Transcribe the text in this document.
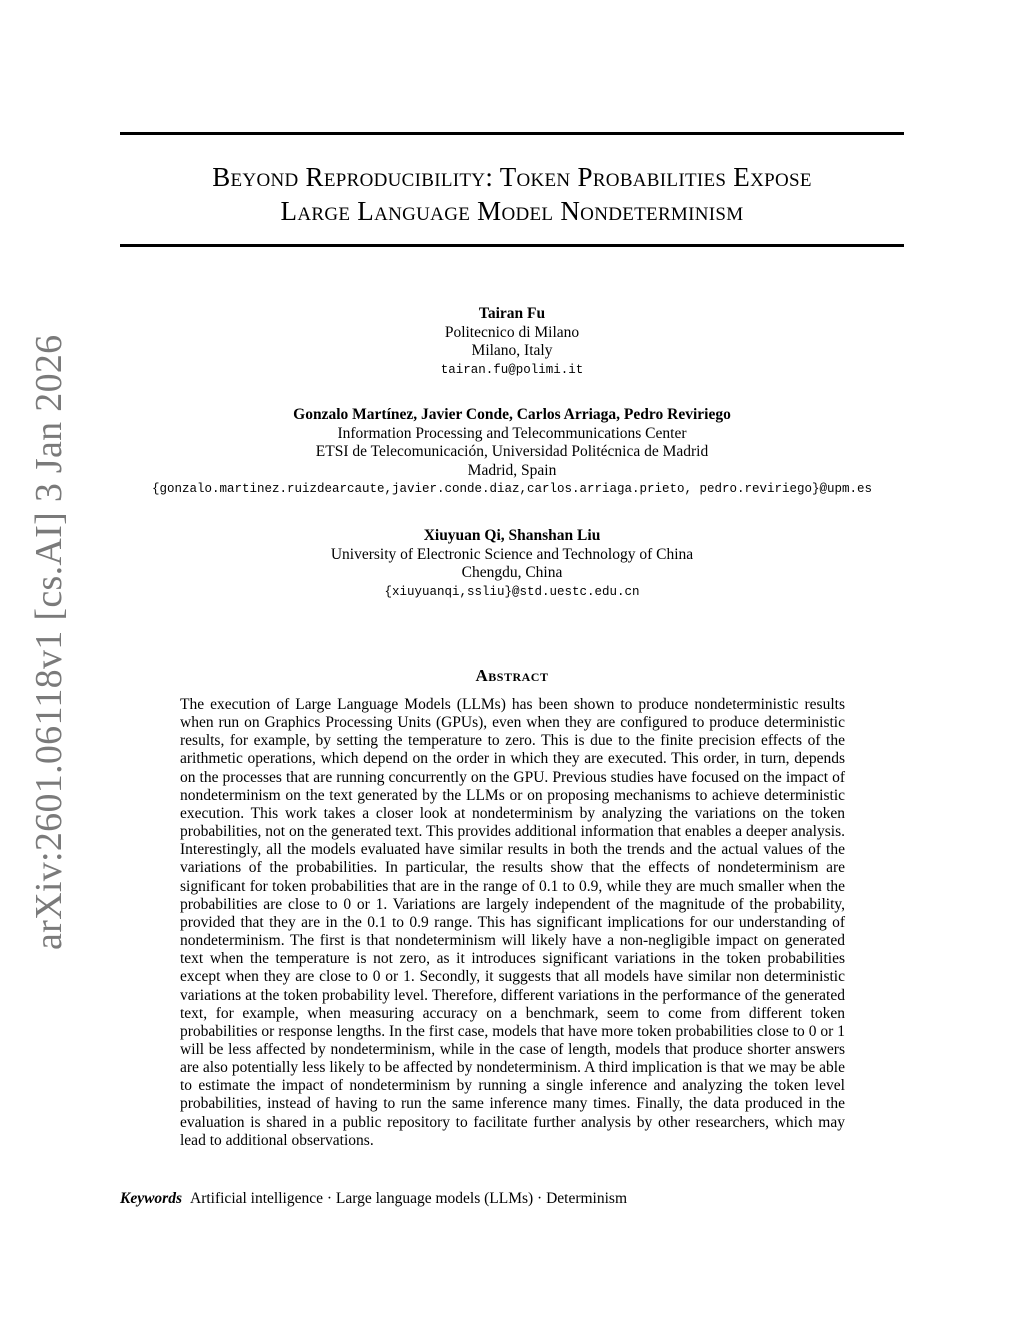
arXiv:2601.06118v1 [cs.AI] 3 Jan 2026
Beyond Reproducibility: Token Probabilities Expose
Large Language Model Nondeterminism
Tairan Fu
Politecnico di Milano
Milano, Italy
tairan.fu@polimi.it
Gonzalo Martínez, Javier Conde, Carlos Arriaga, Pedro Reviriego
Information Processing and Telecommunications Center
ETSI de Telecomunicación, Universidad Politécnica de Madrid
Madrid, Spain
{gonzalo.martinez.ruizdearcaute,javier.conde.diaz,carlos.arriaga.prieto, pedro.reviriego}@upm.es
Xiuyuan Qi, Shanshan Liu
University of Electronic Science and Technology of China
Chengdu, China
{xiuyuanqi,ssliu}@std.uestc.edu.cn
Abstract
The execution of Large Language Models (LLMs) has been shown to produce nondeterministic results when run on Graphics Processing Units (GPUs), even when they are configured to produce deterministic results, for example, by setting the temperature to zero. This is due to the finite precision effects of the arithmetic operations, which depend on the order in which they are executed. This order, in turn, depends on the processes that are running concurrently on the GPU. Previous studies have focused on the impact of nondeterminism on the text generated by the LLMs or on proposing mechanisms to achieve deterministic execution. This work takes a closer look at nondeterminism by analyzing the variations on the token probabilities, not on the generated text. This provides additional information that enables a deeper analysis. Interestingly, all the models evaluated have similar results in both the trends and the actual values of the variations of the probabilities. In particular, the results show that the effects of nondeterminism are significant for token probabilities that are in the range of 0.1 to 0.9, while they are much smaller when the probabilities are close to 0 or 1. Variations are largely independent of the magnitude of the probability, provided that they are in the 0.1 to 0.9 range. This has significant implications for our understanding of nondeterminism. The first is that nondeterminism will likely have a non-negligible impact on generated text when the temperature is not zero, as it introduces significant variations in the token probabilities except when they are close to 0 or 1. Secondly, it suggests that all models have similar non deterministic variations at the token probability level. Therefore, different variations in the performance of the generated text, for example, when measuring accuracy on a benchmark, seem to come from different token probabilities or response lengths. In the first case, models that have more token probabilities close to 0 or 1 will be less affected by nondeterminism, while in the case of length, models that produce shorter answers are also potentially less likely to be affected by nondeterminism. A third implication is that we may be able to estimate the impact of nondeterminism by running a single inference and analyzing the token level probabilities, instead of having to run the same inference many times. Finally, the data produced in the evaluation is shared in a public repository to facilitate further analysis by other researchers, which may lead to additional observations.
Keywords Artificial intelligence · Large language models (LLMs) · Determinism
